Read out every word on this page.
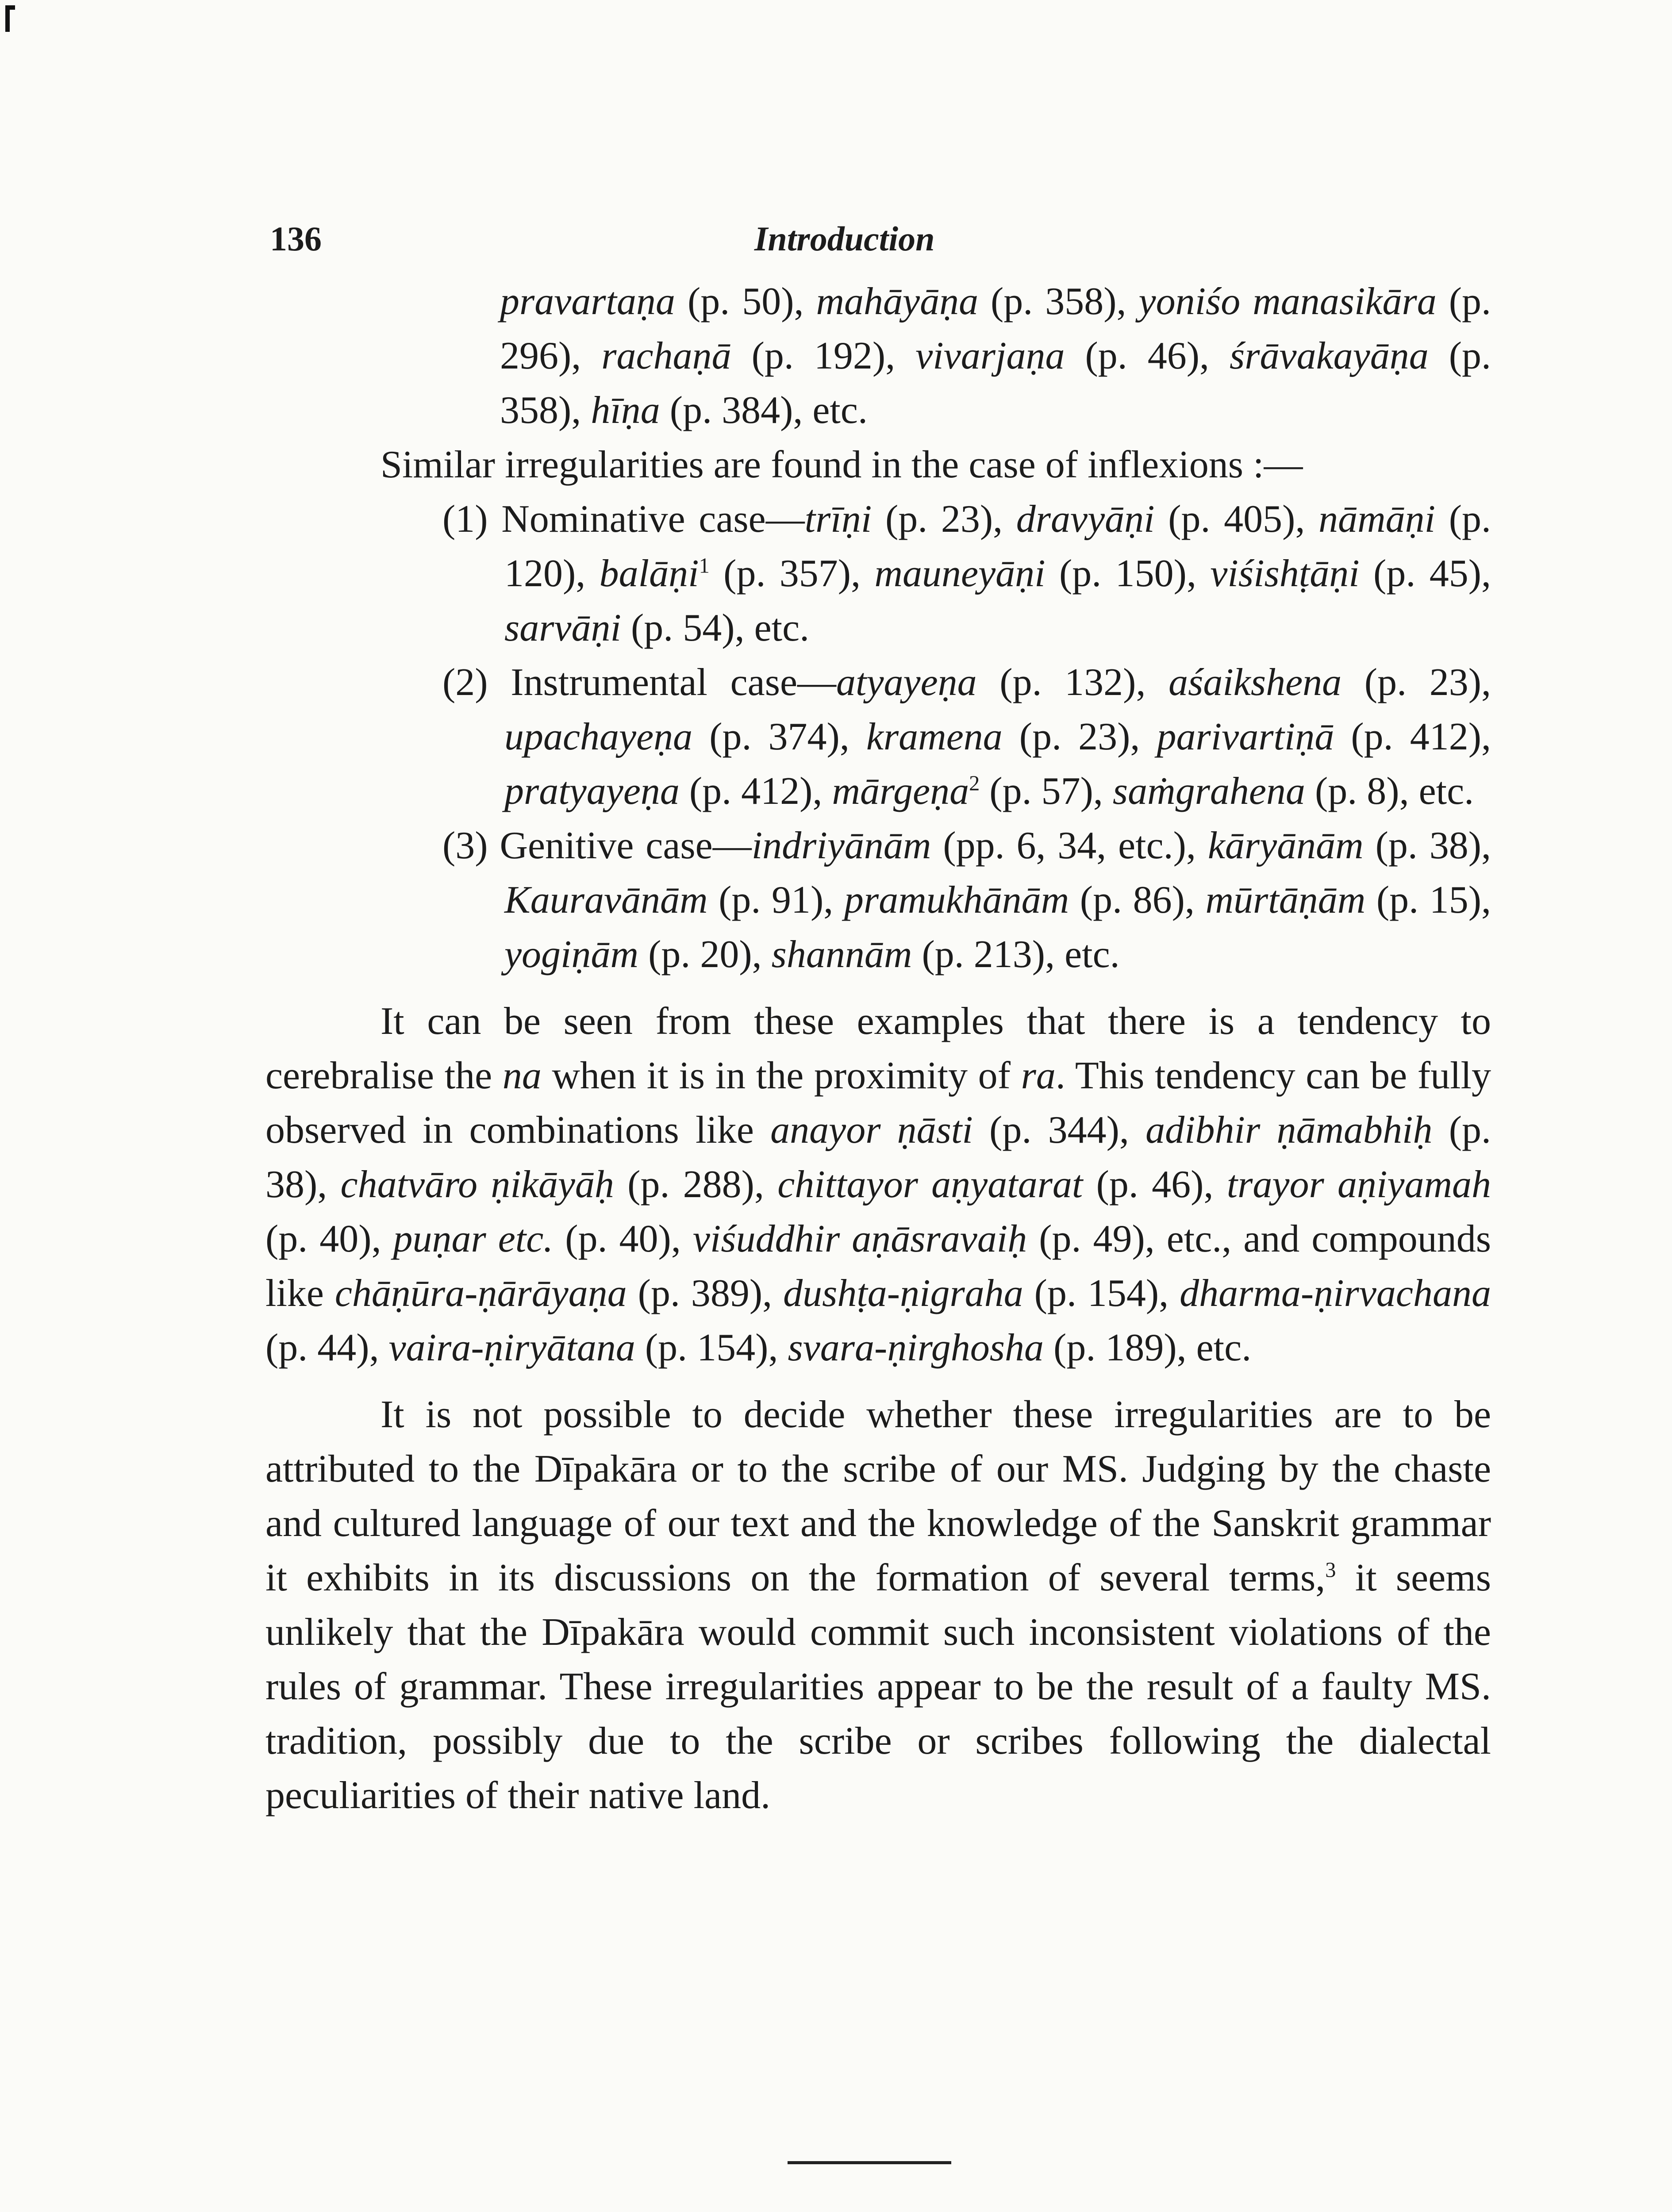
136	Introduction

pravartaṇa (p. 50), mahāyāṇa (p. 358), yoniśo manasikāra (p. 296), rachaṇā (p. 192), vivarjaṇa (p. 46), śrāvakayāṇa (p. 358), hīṇa (p. 384), etc.

Similar irregularities are found in the case of inflexions :—

(1) Nominative case—trīṇi (p. 23), dravyāṇi (p. 405), nāmāṇi (p. 120), balāṇi$^1$ (p. 357), mauneyāṇi (p. 150), viśishṭāṇi (p. 45), sarvāṇi (p. 54), etc.

(2) Instrumental case—atyayeṇa (p. 132), aśaikshena (p. 23), upachayeṇa (p. 374), kramena (p. 23), parivartiṇā (p. 412), pratyayeṇa (p. 412), mārgeṇa$^2$ (p. 57), saṁgrahena (p. 8), etc.

(3) Genitive case—indriyānām (pp. 6, 34, etc.), kāryānām (p. 38), Kauravānām (p. 91), pramukhānām (p. 86), mūrtāṇām (p. 15), yogiṇām (p. 20), shannām (p. 213), etc.

It can be seen from these examples that there is a tendency to cerebralise the na when it is in the proximity of ra. This tendency can be fully observed in combinations like anayor ṇāsti (p. 344), adibhir ṇāmabhiḥ (p. 38), chatvāro ṇikāyāḥ (p. 288), chittayor aṇyatarat (p. 46), trayor aṇiyamah (p. 40), puṇar etc. (p. 40), viśuddhir aṇāsravaiḥ (p. 49), etc., and compounds like chāṇūra-ṇārāyaṇa (p. 389), dushṭa-ṇigraha (p. 154), dharma-ṇirvachana (p. 44), vaira-ṇiryātana (p. 154), svara-ṇirghosha (p. 189), etc.

It is not possible to decide whether these irregularities are to be attributed to the Dīpakāra or to the scribe of our MS. Judging by the chaste and cultured language of our text and the knowledge of the Sanskrit grammar it exhibits in its discussions on the formation of several terms,$^3$ it seems unlikely that the Dīpakāra would commit such inconsistent violations of the rules of grammar. These irregularities appear to be the result of a faulty MS. tradition, possibly due to the scribe or scribes following the dialectal peculiarities of their native land.
